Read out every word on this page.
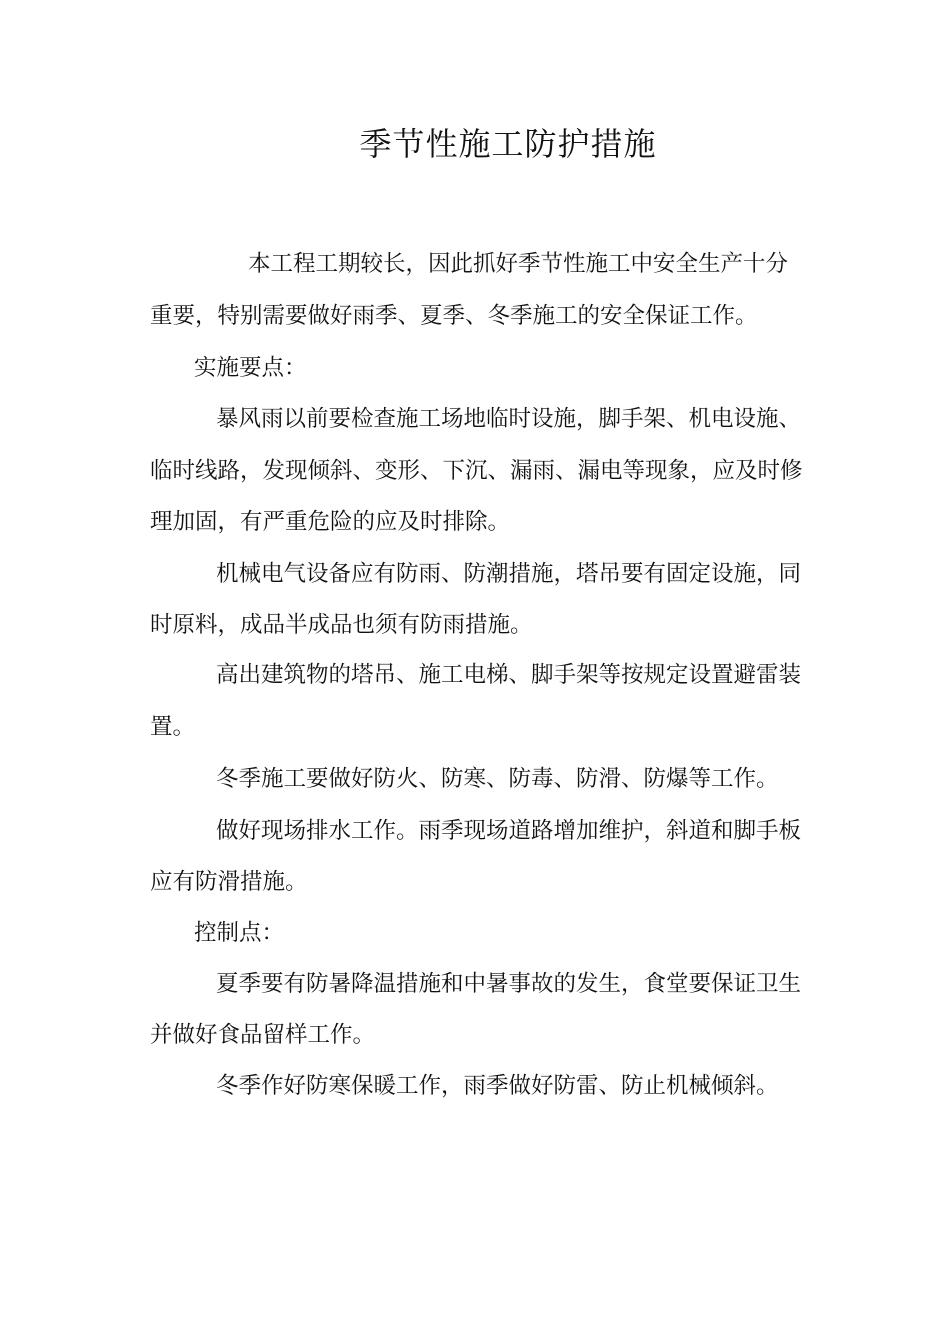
季节性施工防护措施
本工程工期较长，因此抓好季节性施工中安全生产十分
重要，特别需要做好雨季、夏季、冬季施工的安全保证工作。
实施要点：
暴风雨以前要检查施工场地临时设施，脚手架、机电设施、
临时线路，发现倾斜、变形、下沉、漏雨、漏电等现象，应及时修
理加固，有严重危险的应及时排除。
机械电气设备应有防雨、防潮措施，塔吊要有固定设施，同
时原料，成品半成品也须有防雨措施。
高出建筑物的塔吊、施工电梯、脚手架等按规定设置避雷装
置。
冬季施工要做好防火、防寒、防毒、防滑、防爆等工作。
做好现场排水工作。雨季现场道路增加维护，斜道和脚手板
应有防滑措施。
控制点：
夏季要有防暑降温措施和中暑事故的发生，食堂要保证卫生
并做好食品留样工作。
冬季作好防寒保暖工作，雨季做好防雷、防止机械倾斜。
